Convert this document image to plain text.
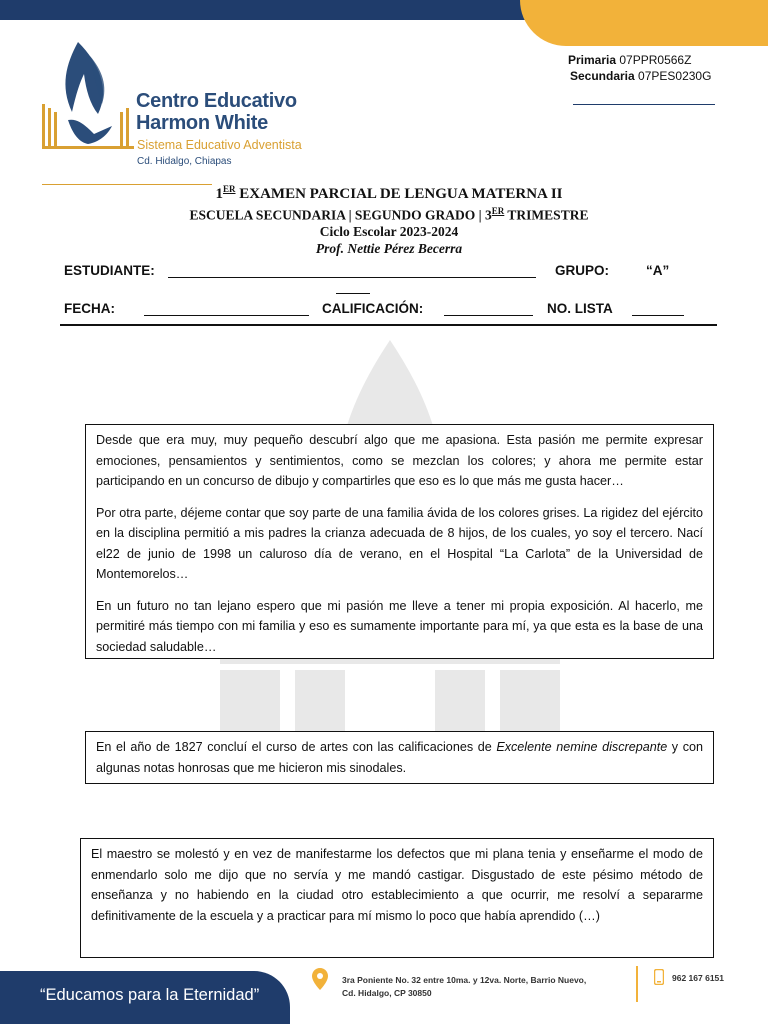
Centro Educativo
Harmon White
Sistema Educativo Adventista
Cd. Hidalgo, Chiapas
Primaria 07PPR0566Z
Secundaria 07PES0230G
1ER EXAMEN PARCIAL DE LENGUA MATERNA II
ESCUELA SECUNDARIA | SEGUNDO GRADO | 3ER TRIMESTRE
Ciclo Escolar 2023-2024
Prof. Nettie Pérez Becerra
ESTUDIANTE:	GRUPO:	“A”
FECHA:	CALIFICACIÓN:	NO. LISTA

Desde que era muy, muy pequeño descubrí algo que me apasiona. Esta pasión me permite expresar emociones, pensamientos y sentimientos, como se mezclan los colores; y ahora me permite estar participando en un concurso de dibujo y compartirles que eso es lo que más me gusta hacer…

Por otra parte, déjeme contar que soy parte de una familia ávida de los colores grises. La rigidez del ejército en la disciplina permitió a mis padres la crianza adecuada de 8 hijos, de los cuales, yo soy el tercero. Nací el22 de junio de 1998 un caluroso día de verano, en el Hospital “La Carlota” de la Universidad de Montemorelos…

En un futuro no tan lejano espero que mi pasión me lleve a tener mi propia exposición. Al hacerlo, me permitiré más tiempo con mi familia y eso es sumamente importante para mí, ya que esta es la base de una sociedad saludable…

En el año de 1827 concluí el curso de artes con las calificaciones de Excelente nemine discrepante y con algunas notas honrosas que me hicieron mis sinodales.

El maestro se molestó y en vez de manifestarme los defectos que mi plana tenia y enseñarme el modo de enmendarlo solo me dijo que no servía y me mandó castigar. Disgustado de este pésimo método de enseñanza y no habiendo en la ciudad otro establecimiento a que ocurrir, me resolví a separarme definitivamente de la escuela y a practicar para mí mismo lo poco que había aprendido (…)

“Educamos para la Eternidad”
3ra Poniente No. 32 entre 10ma. y 12va. Norte, Barrio Nuevo,
Cd. Hidalgo, CP 30850
962 167 6151
